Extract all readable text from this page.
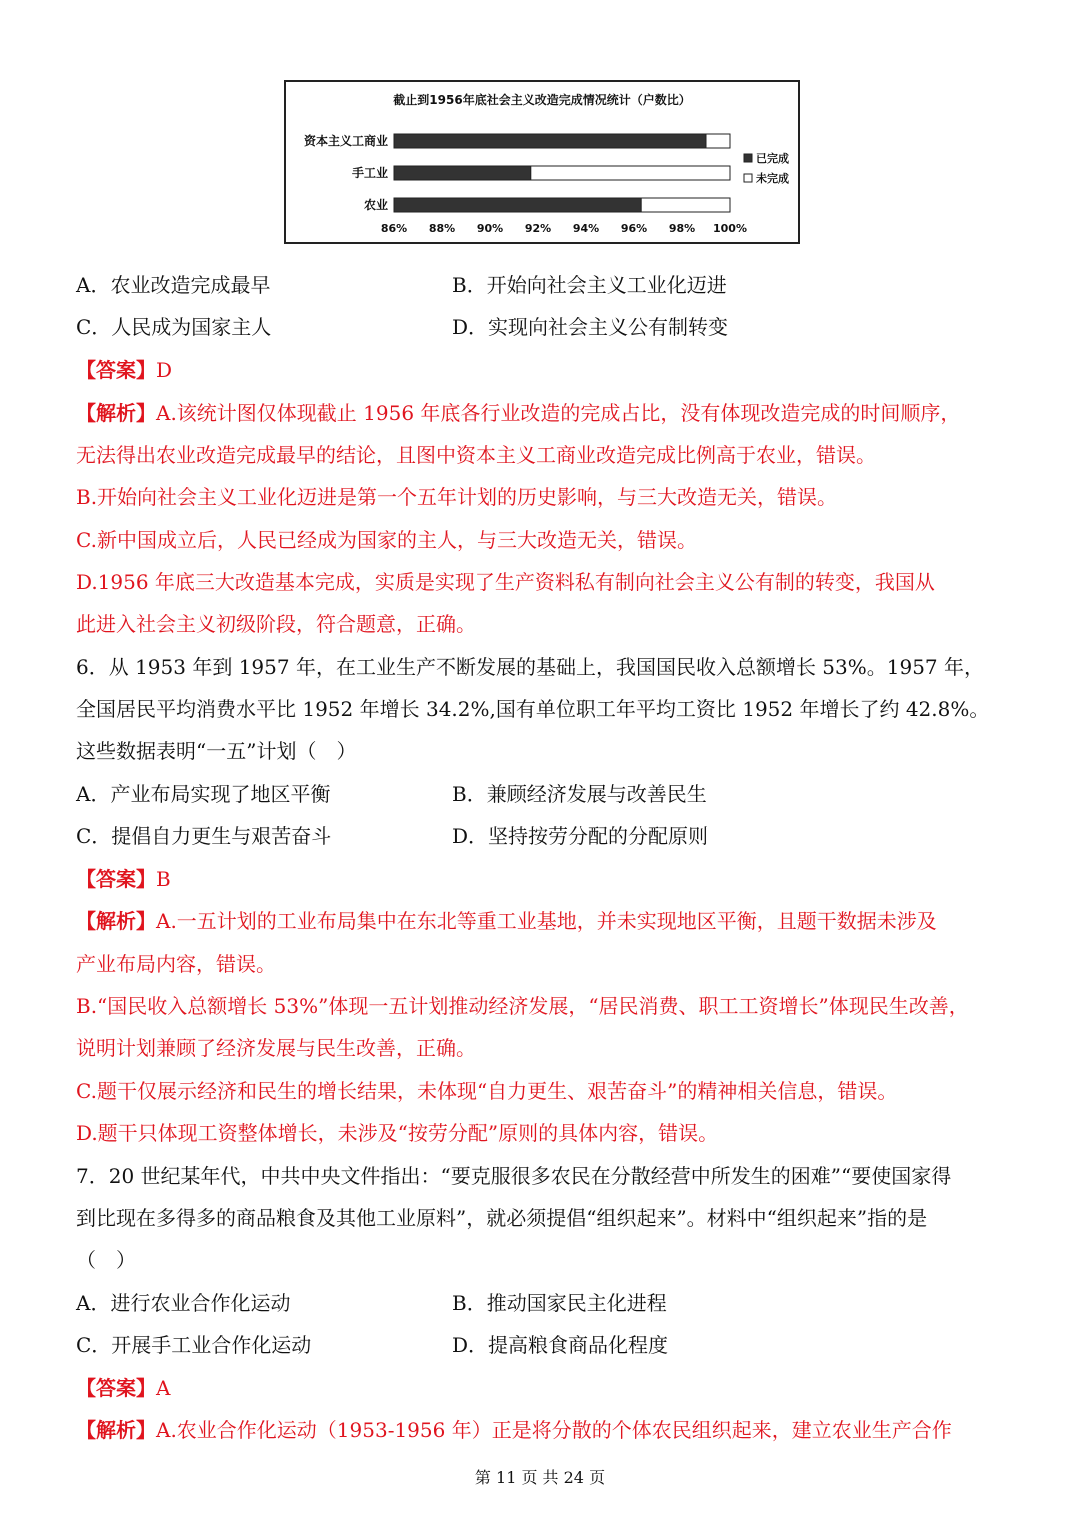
截止到1956年底社会主义改造完成情况统计（户数比）
资本主义工商业
手工业
农业
86% 88% 90% 92% 94% 96% 98% 100%
已完成
未完成
A．农业改造完成最早	B．开始向社会主义工业化迈进
C．人民成为国家主人	D．实现向社会主义公有制转变
【答案】D
【解析】A.该统计图仅体现截止 1956 年底各行业改造的完成占比，没有体现改造完成的时间顺序，
无法得出农业改造完成最早的结论，且图中资本主义工商业改造完成比例高于农业，错误。
B.开始向社会主义工业化迈进是第一个五年计划的历史影响，与三大改造无关，错误。
C.新中国成立后，人民已经成为国家的主人，与三大改造无关，错误。
D.1956 年底三大改造基本完成，实质是实现了生产资料私有制向社会主义公有制的转变，我国从
此进入社会主义初级阶段，符合题意，正确。
6．从 1953 年到 1957 年，在工业生产不断发展的基础上，我国国民收入总额增长 53%。1957 年，
全国居民平均消费水平比 1952 年增长 34.2%,国有单位职工年平均工资比 1952 年增长了约 42.8%。
这些数据表明“一五”计划（　）
A．产业布局实现了地区平衡	B．兼顾经济发展与改善民生
C．提倡自力更生与艰苦奋斗	D．坚持按劳分配的分配原则
【答案】B
【解析】A.一五计划的工业布局集中在东北等重工业基地，并未实现地区平衡，且题干数据未涉及
产业布局内容，错误。
B.“国民收入总额增长 53%”体现一五计划推动经济发展，“居民消费、职工工资增长”体现民生改善，
说明计划兼顾了经济发展与民生改善，正确。
C.题干仅展示经济和民生的增长结果，未体现“自力更生、艰苦奋斗”的精神相关信息，错误。
D.题干只体现工资整体增长，未涉及“按劳分配”原则的具体内容，错误。
7．20 世纪某年代，中共中央文件指出：“要克服很多农民在分散经营中所发生的困难”“要使国家得
到比现在多得多的商品粮食及其他工业原料”，就必须提倡“组织起来”。材料中“组织起来”指的是
（　）
A．进行农业合作化运动	B．推动国家民主化进程
C．开展手工业合作化运动	D．提高粮食商品化程度
【答案】A
【解析】A.农业合作化运动（1953-1956 年）正是将分散的个体农民组织起来，建立农业生产合作
第 11 页 共 24 页
